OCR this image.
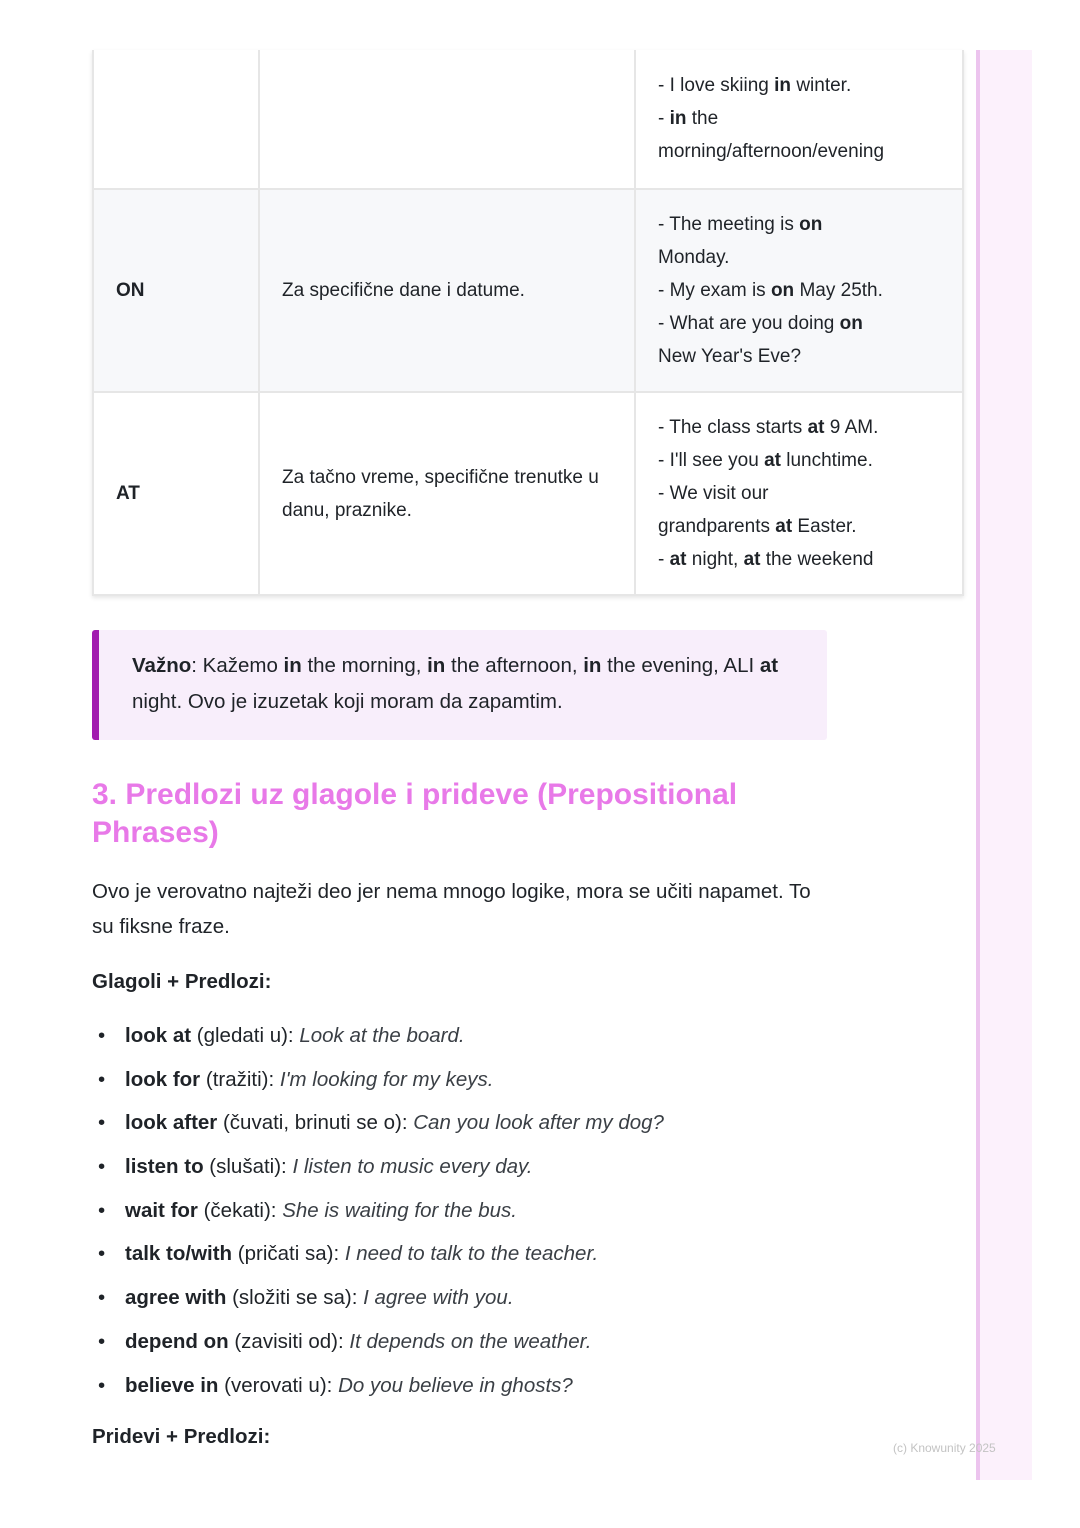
(c) Knowunity 2025

		- I love skiing in winter.
- in the
morning/afternoon/evening

ON	Za specifične dane i datume.	- The meeting is on
Monday.
- My exam is on May 25th.
- What are you doing on
New Year's Eve?

AT	Za tačno vreme, specifične trenutke u danu, praznike.	- The class starts at 9 AM.
- I'll see you at lunchtime.
- We visit our
grandparents at Easter.
- at night, at the weekend
Važno: Kažemo in the morning, in the afternoon, in the evening, ALI at night. Ovo je izuzetak koji moram da zapamtim.
3. Predlozi uz glagole i prideve (Prepositional Phrases)

Ovo je verovatno najteži deo jer nema mnogo logike, mora se učiti napamet. To su fiksne fraze.

Glagoli + Predlozi:
• look at (gledati u): Look at the board.
• look for (tražiti): I'm looking for my keys.
• look after (čuvati, brinuti se o): Can you look after my dog?
• listen to (slušati): I listen to music every day.
• wait for (čekati): She is waiting for the bus.
• talk to/with (pričati sa): I need to talk to the teacher.
• agree with (složiti se sa): I agree with you.
• depend on (zavisiti od): It depends on the weather.
• believe in (verovati u): Do you believe in ghosts?
Pridevi + Predlozi:
